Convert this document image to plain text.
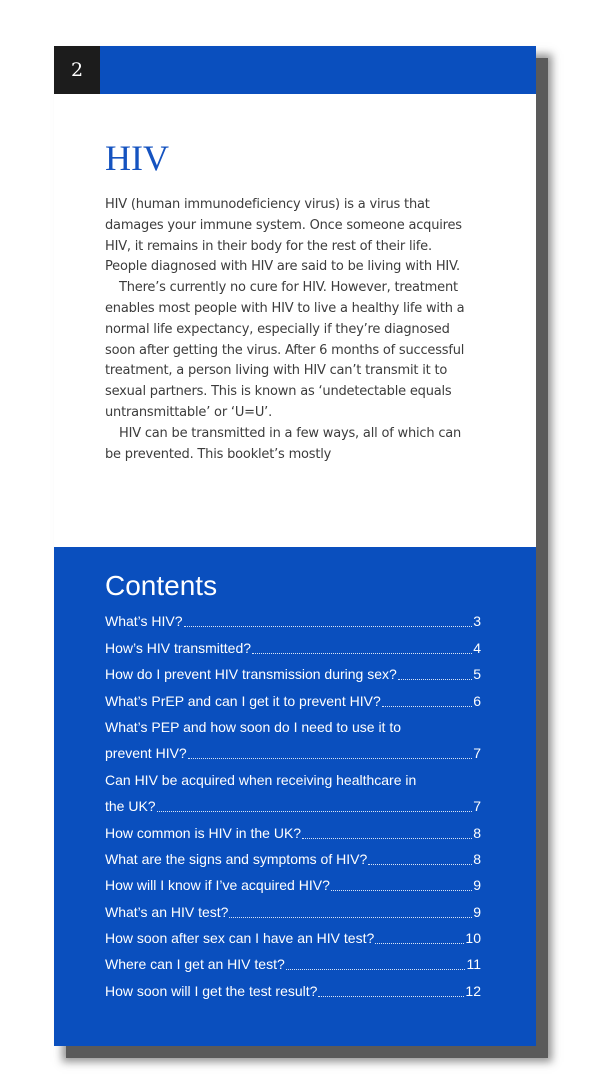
2
HIV

HIV (human immunodeficiency virus) is a virus that damages your immune system. Once someone acquires HIV, it remains in their body for the rest of their life. People diagnosed with HIV are said to be living with HIV.

There’s currently no cure for HIV. However, treatment enables most people with HIV to live a healthy life with a normal life expectancy, especially if they’re diagnosed soon after getting the virus. After 6 months of successful treatment, a person living with HIV can’t transmit it to sexual partners. This is known as ‘undetectable equals untransmittable’ or ‘U=U’.

HIV can be transmitted in a few ways, all of which can be prevented. This booklet’s mostly

Contents
What’s HIV?	3
How’s HIV transmitted?	4
How do I prevent HIV transmission during sex?	5
What’s PrEP and can I get it to prevent HIV?	6
What’s PEP and how soon do I need to use it to
prevent HIV?	7
Can HIV be acquired when receiving healthcare in
the UK?	7
How common is HIV in the UK?	8
What are the signs and symptoms of HIV?	8
How will I know if I’ve acquired HIV?	9
What’s an HIV test?	9
How soon after sex can I have an HIV test?	10
Where can I get an HIV test?	11
How soon will I get the test result?	12
